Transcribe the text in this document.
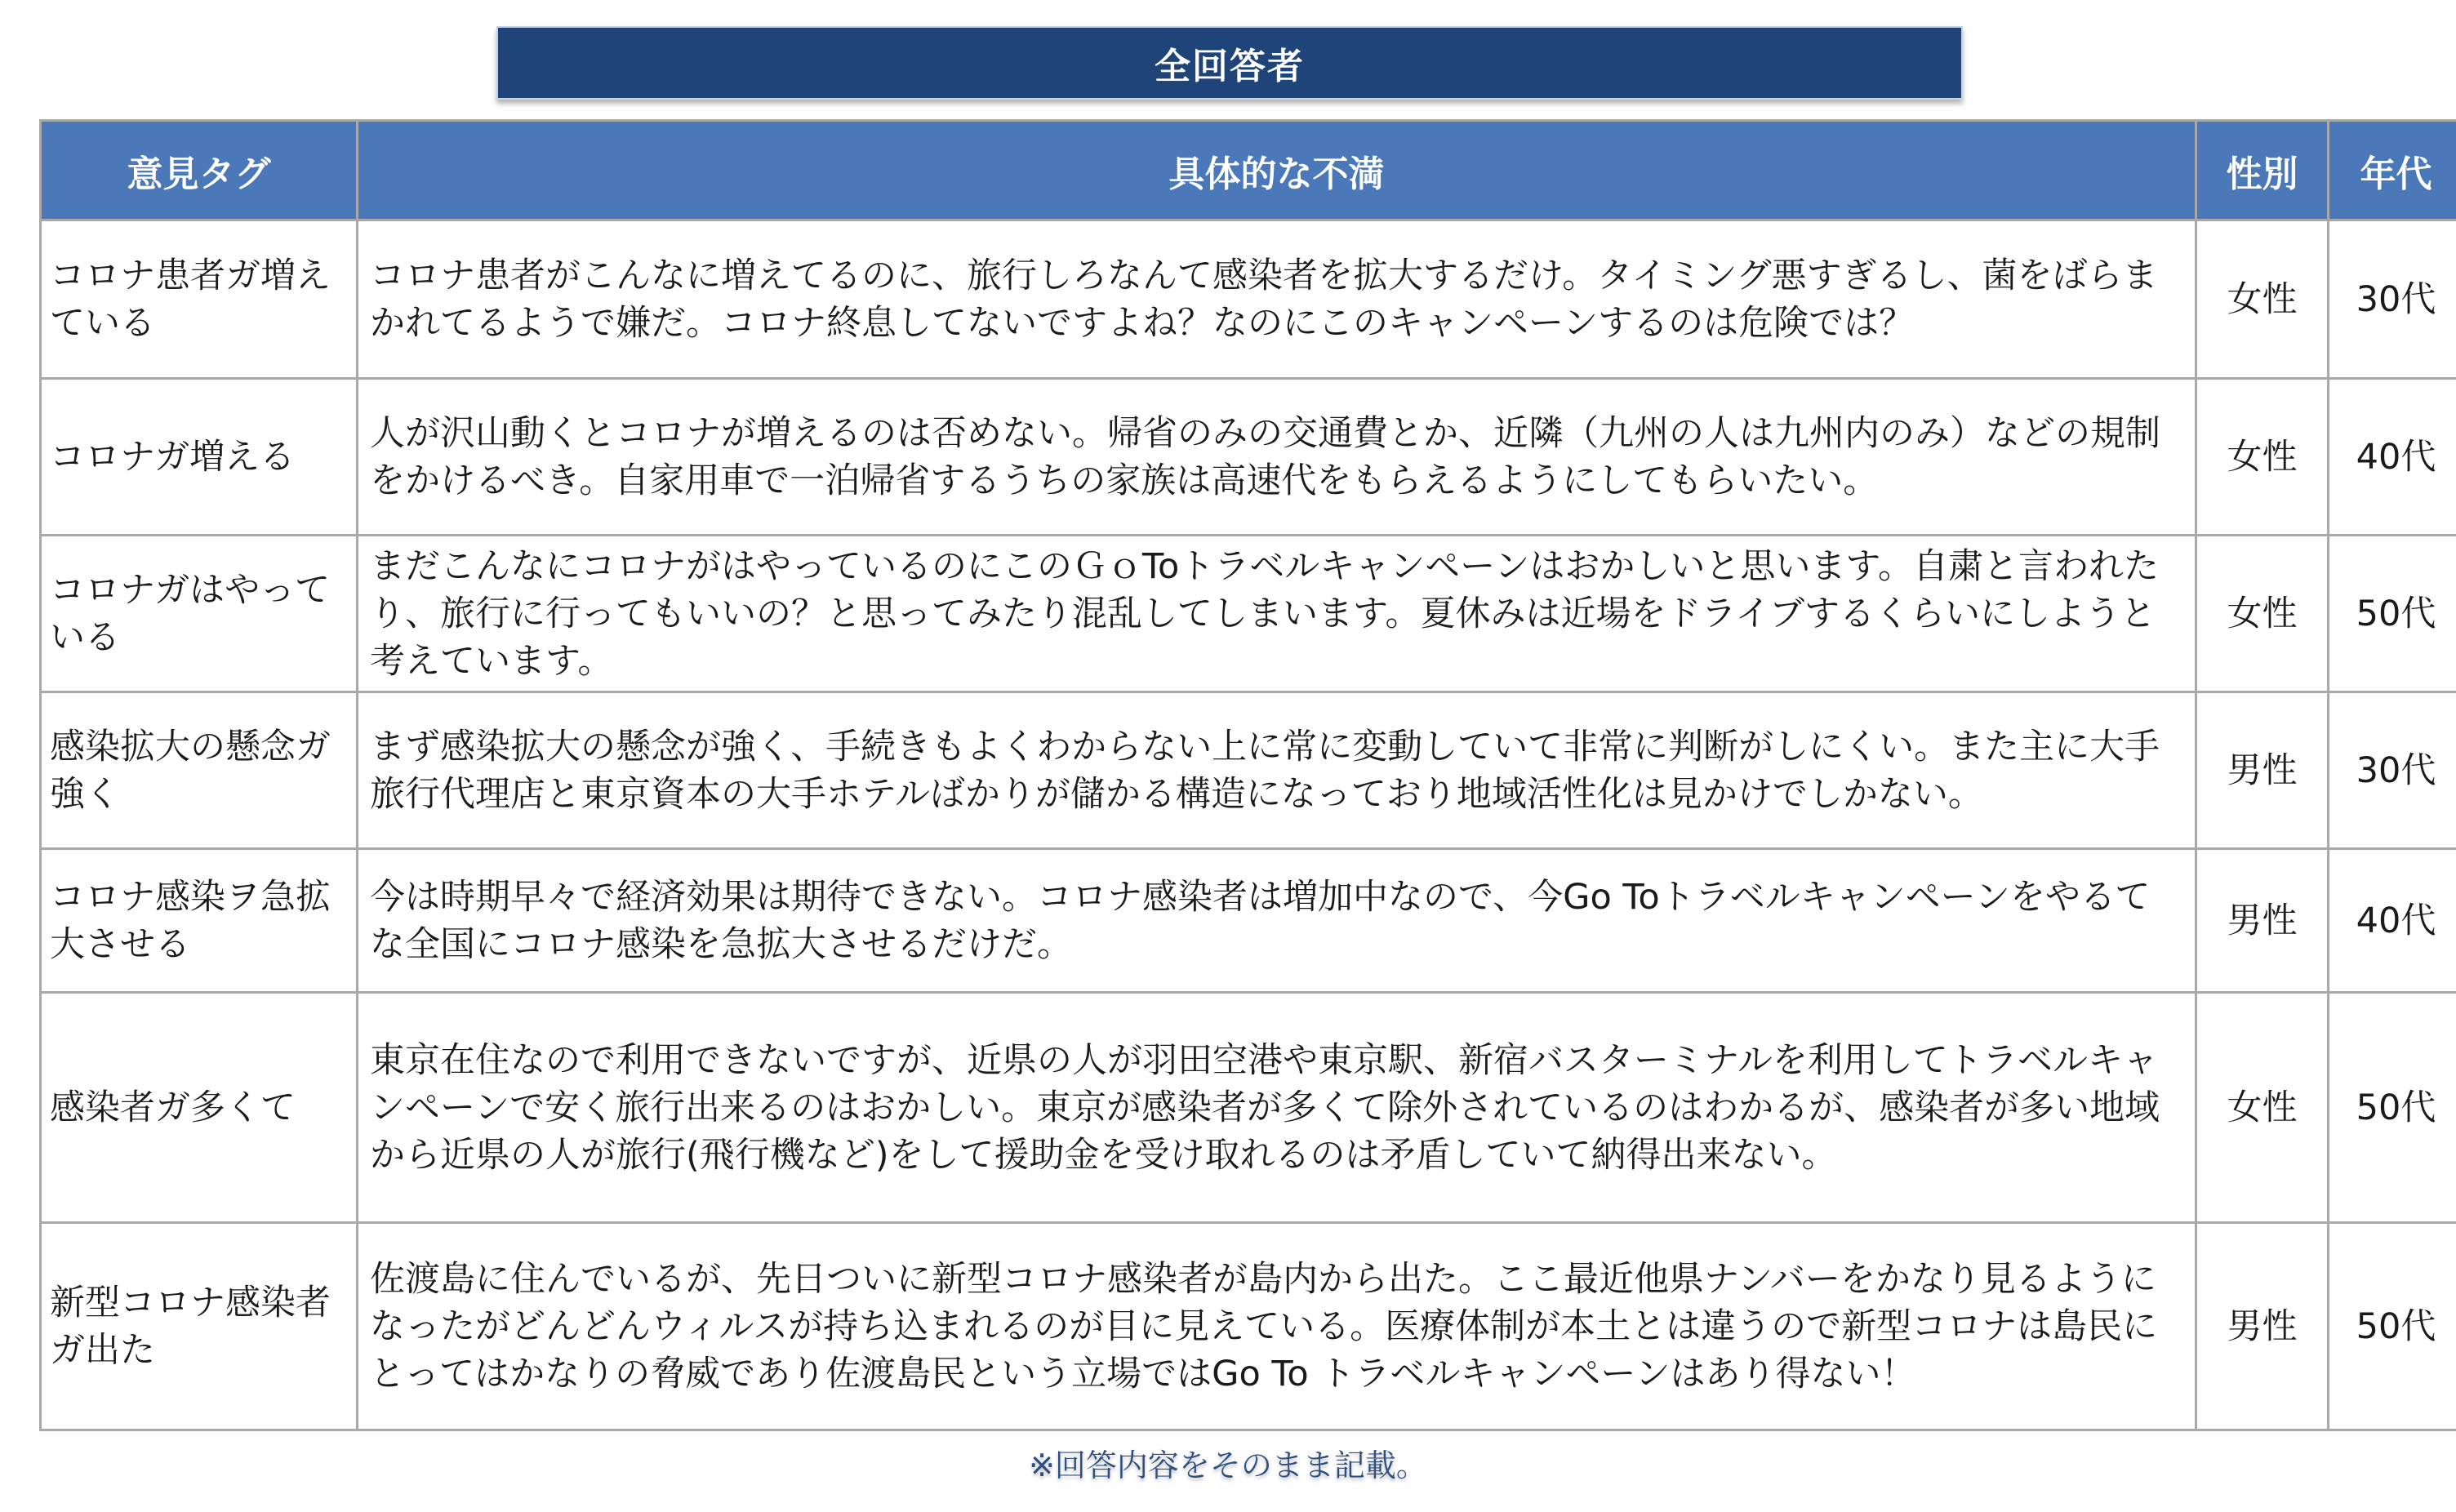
全回答者
意見タグ	具体的な不満	性別	年代
コロナ患者ガ増えている	コロナ患者がこんなに増えてるのに、旅行しろなんて感染者を拡大するだけ。タイミング悪すぎるし、菌をばらまかれてるようで嫌だ。コロナ終息してないですよね？なのにこのキャンペーンするのは危険では？	女性	30代
コロナガ増える	人が沢山動くとコロナが増えるのは否めない。帰省のみの交通費とか、近隣（九州の人は九州内のみ）などの規制をかけるべき。自家用車で一泊帰省するうちの家族は高速代をもらえるようにしてもらいたい。	女性	40代
コロナガはやっている	まだこんなにコロナがはやっているのにこのＧｏToトラベルキャンペーンはおかしいと思います。自粛と言われたり、旅行に行ってもいいの？と思ってみたり混乱してしまいます。夏休みは近場をドライブするくらいにしようと考えています。	女性	50代
感染拡大の懸念ガ強く	まず感染拡大の懸念が強く、手続きもよくわからない上に常に変動していて非常に判断がしにくい。また主に大手旅行代理店と東京資本の大手ホテルばかりが儲かる構造になっており地域活性化は見かけでしかない。	男性	30代
コロナ感染ヲ急拡大させる	今は時期早々で経済効果は期待できない。コロナ感染者は増加中なので、今Go Toトラベルキャンペーンをやるてな全国にコロナ感染を急拡大させるだけだ。	男性	40代
感染者ガ多くて	東京在住なので利用できないですが、近県の人が羽田空港や東京駅、新宿バスターミナルを利用してトラベルキャンペーンで安く旅行出来るのはおかしい。東京が感染者が多くて除外されているのはわかるが、感染者が多い地域から近県の人が旅行(飛行機など)をして援助金を受け取れるのは矛盾していて納得出来ない。	女性	50代
新型コロナ感染者ガ出た	佐渡島に住んでいるが、先日ついに新型コロナ感染者が島内から出た。ここ最近他県ナンバーをかなり見るようになったがどんどんウィルスが持ち込まれるのが目に見えている。医療体制が本土とは違うので新型コロナは島民にとってはかなりの脅威であり佐渡島民という立場ではGo To トラベルキャンペーンはあり得ない！	男性	50代
※回答内容をそのまま記載。
